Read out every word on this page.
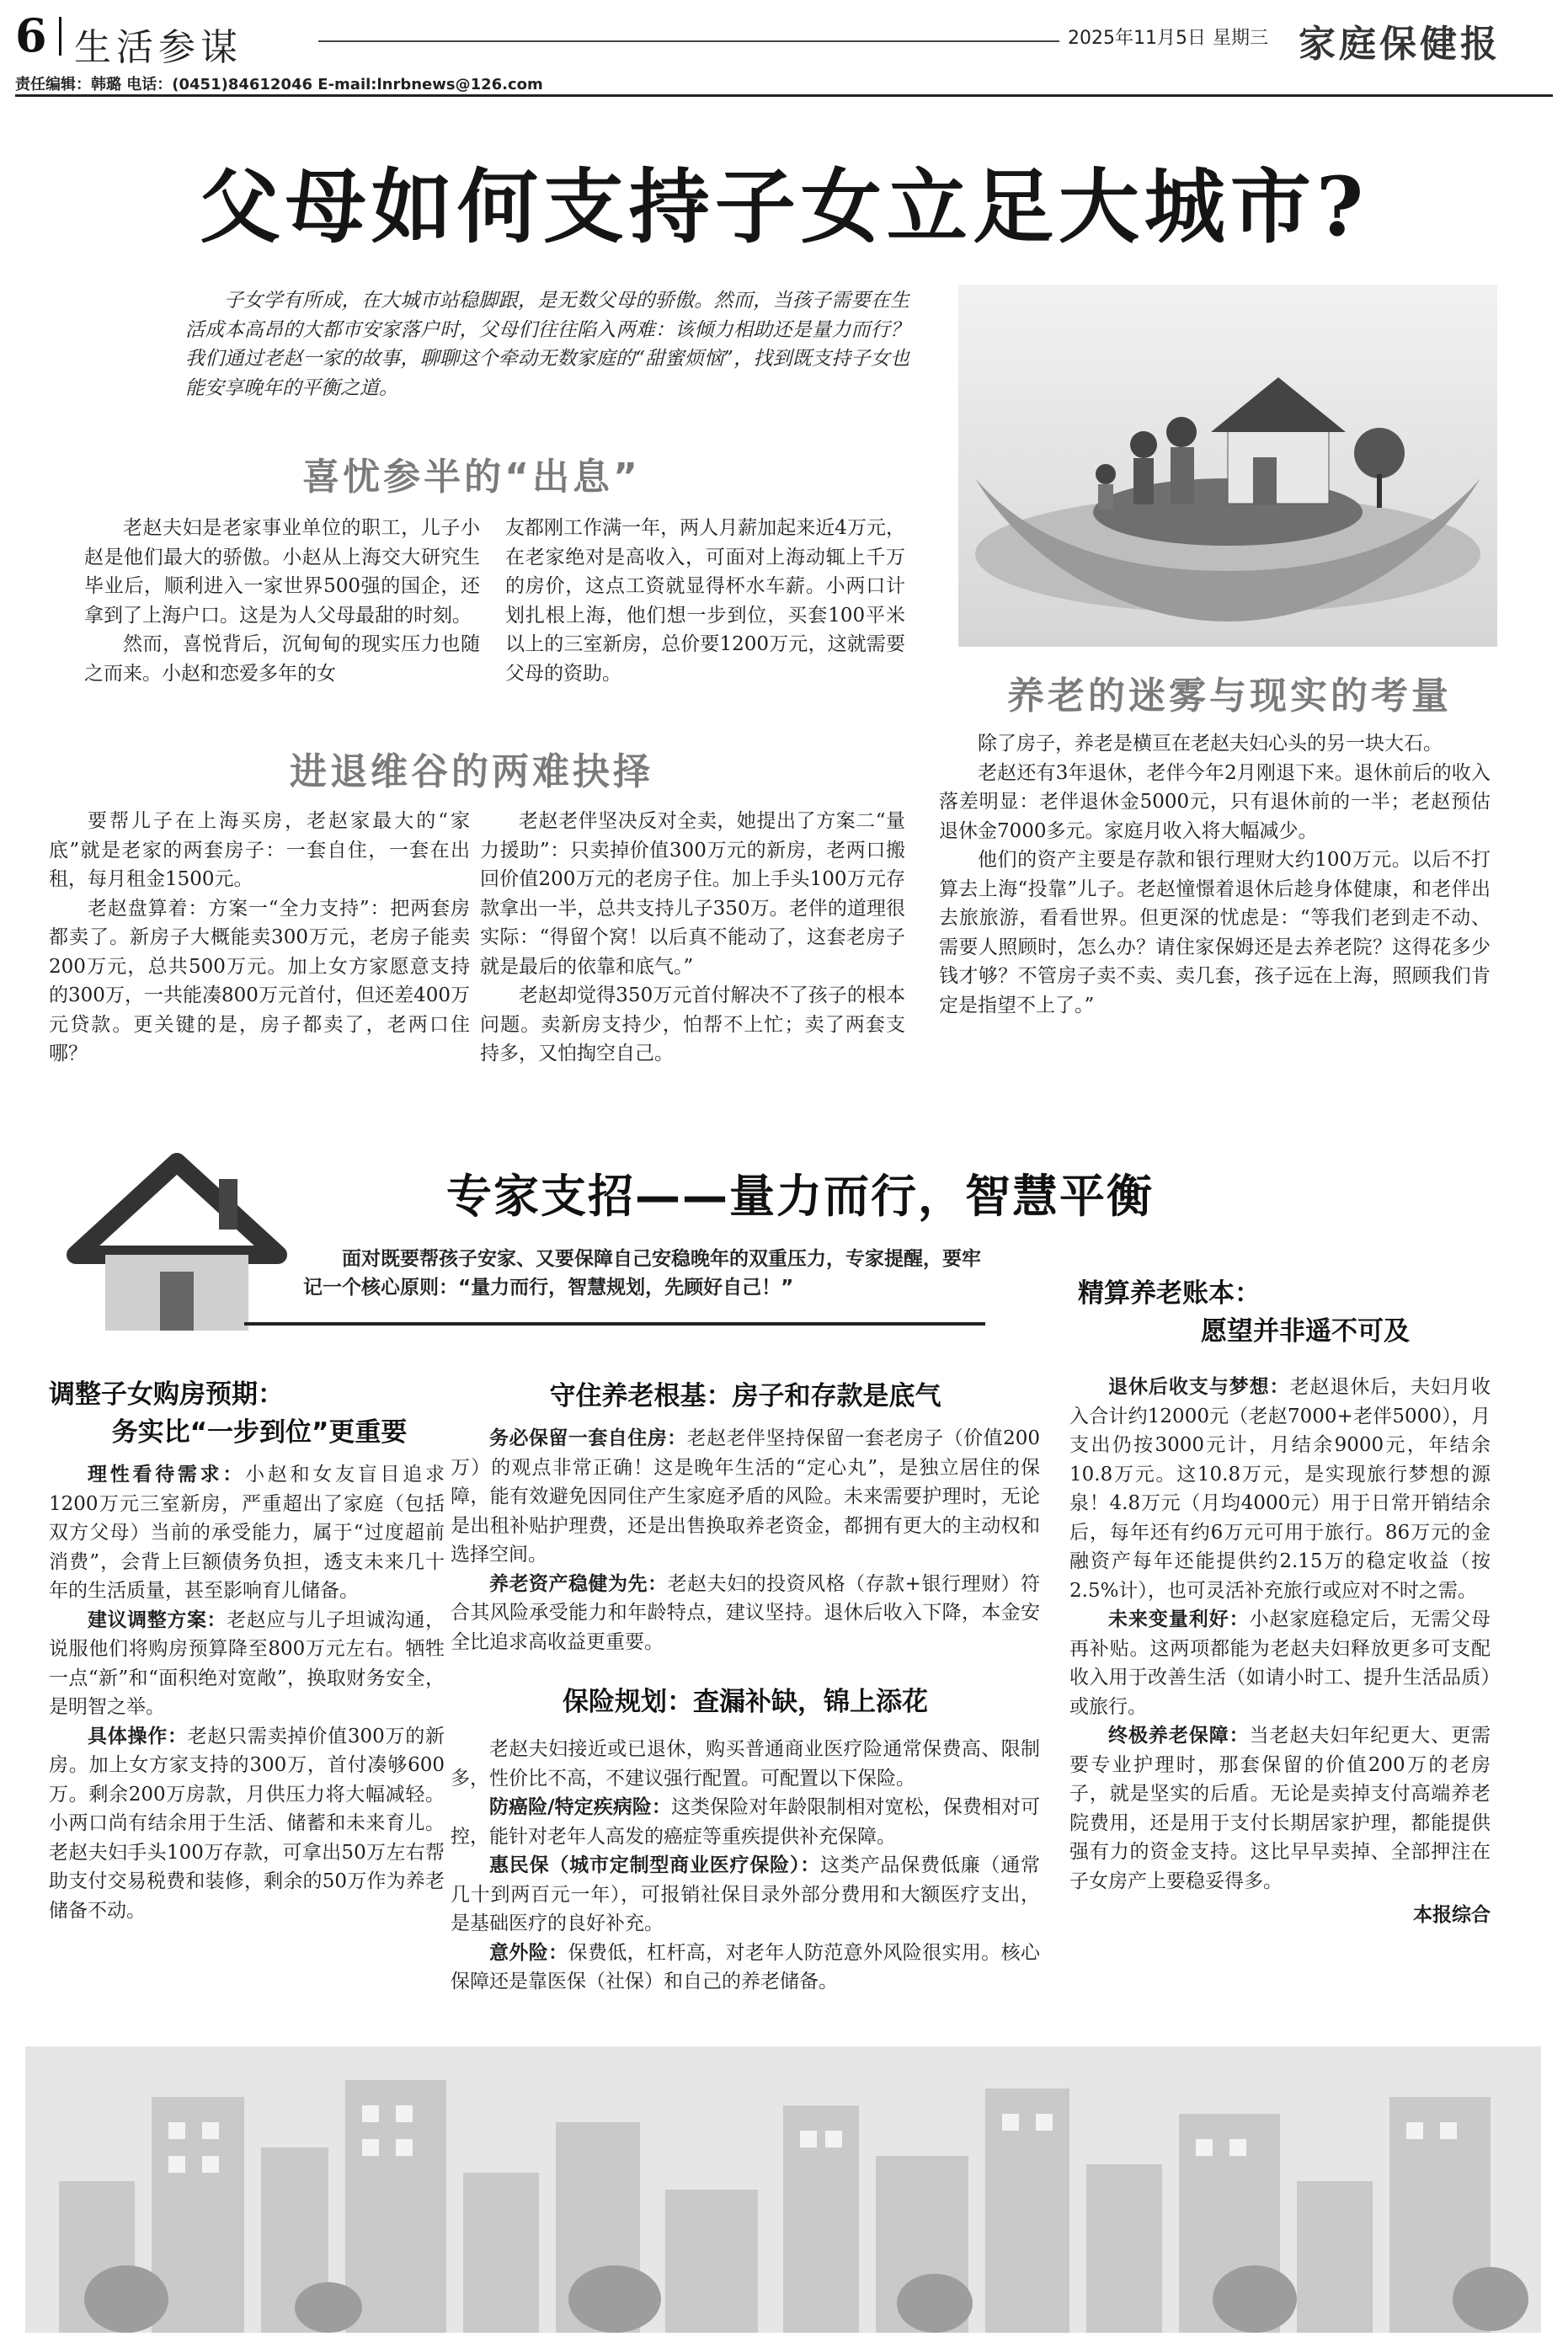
6 生活参谋	2025年11月5日 星期三 家庭保健报
责任编辑：韩璐 电话：(0451)84612046 E-mail:lnrbnews@126.com
父母如何支持子女立足大城市?
子女学有所成，在大城市站稳脚跟，是无数父母的骄傲。然而，当孩子需要在生活成本高昂的大都市安家落户时，父母们往往陷入两难：该倾力相助还是量力而行？我们通过老赵一家的故事，聊聊这个牵动无数家庭的“甜蜜烦恼”，找到既支持子女也能安享晚年的平衡之道。
喜忧参半的“出息”

老赵夫妇是老家事业单位的职工，儿子小赵是他们最大的骄傲。小赵从上海交大研究生毕业后，顺利进入一家世界500强的国企，还拿到了上海户口。这是为人父母最甜的时刻。

然而，喜悦背后，沉甸甸的现实压力也随之而来。小赵和恋爱多年的女

友都刚工作满一年，两人月薪加起来近4万元，在老家绝对是高收入，可面对上海动辄上千万的房价，这点工资就显得杯水车薪。小两口计划扎根上海，他们想一步到位，买套100平米以上的三室新房，总价要1200万元，这就需要父母的资助。

进退维谷的两难抉择

要帮儿子在上海买房，老赵家最大的“家底”就是老家的两套房子：一套自住，一套在出租，每月租金1500元。

老赵盘算着：方案一“全力支持”：把两套房都卖了。新房子大概能卖300万元，老房子能卖200万元，总共500万元。加上女方家愿意支持的300万，一共能凑800万元首付，但还差400万元贷款。更关键的是，房子都卖了，老两口住哪？

老赵老伴坚决反对全卖，她提出了方案二“量力援助”：只卖掉价值300万元的新房，老两口搬回价值200万元的老房子住。加上手头100万元存款拿出一半，总共支持儿子350万。老伴的道理很实际：“得留个窝！以后真不能动了，这套老房子就是最后的依靠和底气。”

老赵却觉得350万元首付解决不了孩子的根本问题。卖新房支持少，怕帮不上忙；卖了两套支持多，又怕掏空自己。

养老的迷雾与现实的考量

除了房子，养老是横亘在老赵夫妇心头的另一块大石。

老赵还有3年退休，老伴今年2月刚退下来。退休前后的收入落差明显：老伴退休金5000元，只有退休前的一半；老赵预估退休金7000多元。家庭月收入将大幅减少。

他们的资产主要是存款和银行理财大约100万元。以后不打算去上海“投靠”儿子。老赵憧憬着退休后趁身体健康，和老伴出去旅旅游，看看世界。但更深的忧虑是：“等我们老到走不动、需要人照顾时，怎么办？请住家保姆还是去养老院？这得花多少钱才够？不管房子卖不卖、卖几套，孩子远在上海，照顾我们肯定是指望不上了。”

专家支招——量力而行，智慧平衡
面对既要帮孩子安家、又要保障自己安稳晚年的双重压力，专家提醒，要牢记一个核心原则：“量力而行，智慧规划，先顾好自己！”
调整子女购房预期：
务实比“一步到位”更重要

理性看待需求：小赵和女友盲目追求1200万元三室新房，严重超出了家庭（包括双方父母）当前的承受能力，属于“过度超前消费”，会背上巨额债务负担，透支未来几十年的生活质量，甚至影响育儿储备。

建议调整方案：老赵应与儿子坦诚沟通，说服他们将购房预算降至800万元左右。牺牲一点“新”和“面积绝对宽敞”，换取财务安全，是明智之举。

具体操作：老赵只需卖掉价值300万的新房。加上女方家支持的300万，首付凑够600万。剩余200万房款，月供压力将大幅减轻。小两口尚有结余用于生活、储蓄和未来育儿。老赵夫妇手头100万存款，可拿出50万左右帮助支付交易税费和装修，剩余的50万作为养老储备不动。

守住养老根基：房子和存款是底气

务必保留一套自住房：老赵老伴坚持保留一套老房子（价值200万）的观点非常正确！这是晚年生活的“定心丸”，是独立居住的保障，能有效避免因同住产生家庭矛盾的风险。未来需要护理时，无论是出租补贴护理费，还是出售换取养老资金，都拥有更大的主动权和选择空间。

养老资产稳健为先：老赵夫妇的投资风格（存款+银行理财）符合其风险承受能力和年龄特点，建议坚持。退休后收入下降，本金安全比追求高收益更重要。

保险规划：查漏补缺，锦上添花

老赵夫妇接近或已退休，购买普通商业医疗险通常保费高、限制多，性价比不高，不建议强行配置。可配置以下保险。

防癌险/特定疾病险：这类保险对年龄限制相对宽松，保费相对可控，能针对老年人高发的癌症等重疾提供补充保障。

惠民保（城市定制型商业医疗保险）：这类产品保费低廉（通常几十到两百元一年），可报销社保目录外部分费用和大额医疗支出，是基础医疗的良好补充。

意外险：保费低，杠杆高，对老年人防范意外风险很实用。核心保障还是靠医保（社保）和自己的养老储备。

精算养老账本：
愿望并非遥不可及

退休后收支与梦想：老赵退休后，夫妇月收入合计约12000元（老赵7000+老伴5000），月支出仍按3000元计，月结余9000元，年结余10.8万元。这10.8万元，是实现旅行梦想的源泉！4.8万元（月均4000元）用于日常开销结余后，每年还有约6万元可用于旅行。86万元的金融资产每年还能提供约2.15万的稳定收益（按2.5%计），也可灵活补充旅行或应对不时之需。

未来变量利好：小赵家庭稳定后，无需父母再补贴。这两项都能为老赵夫妇释放更多可支配收入用于改善生活（如请小时工、提升生活品质）或旅行。

终极养老保障：当老赵夫妇年纪更大、更需要专业护理时，那套保留的价值200万的老房子，就是坚实的后盾。无论是卖掉支付高端养老院费用，还是用于支付长期居家护理，都能提供强有力的资金支持。这比早早卖掉、全部押注在子女房产上要稳妥得多。

本报综合
